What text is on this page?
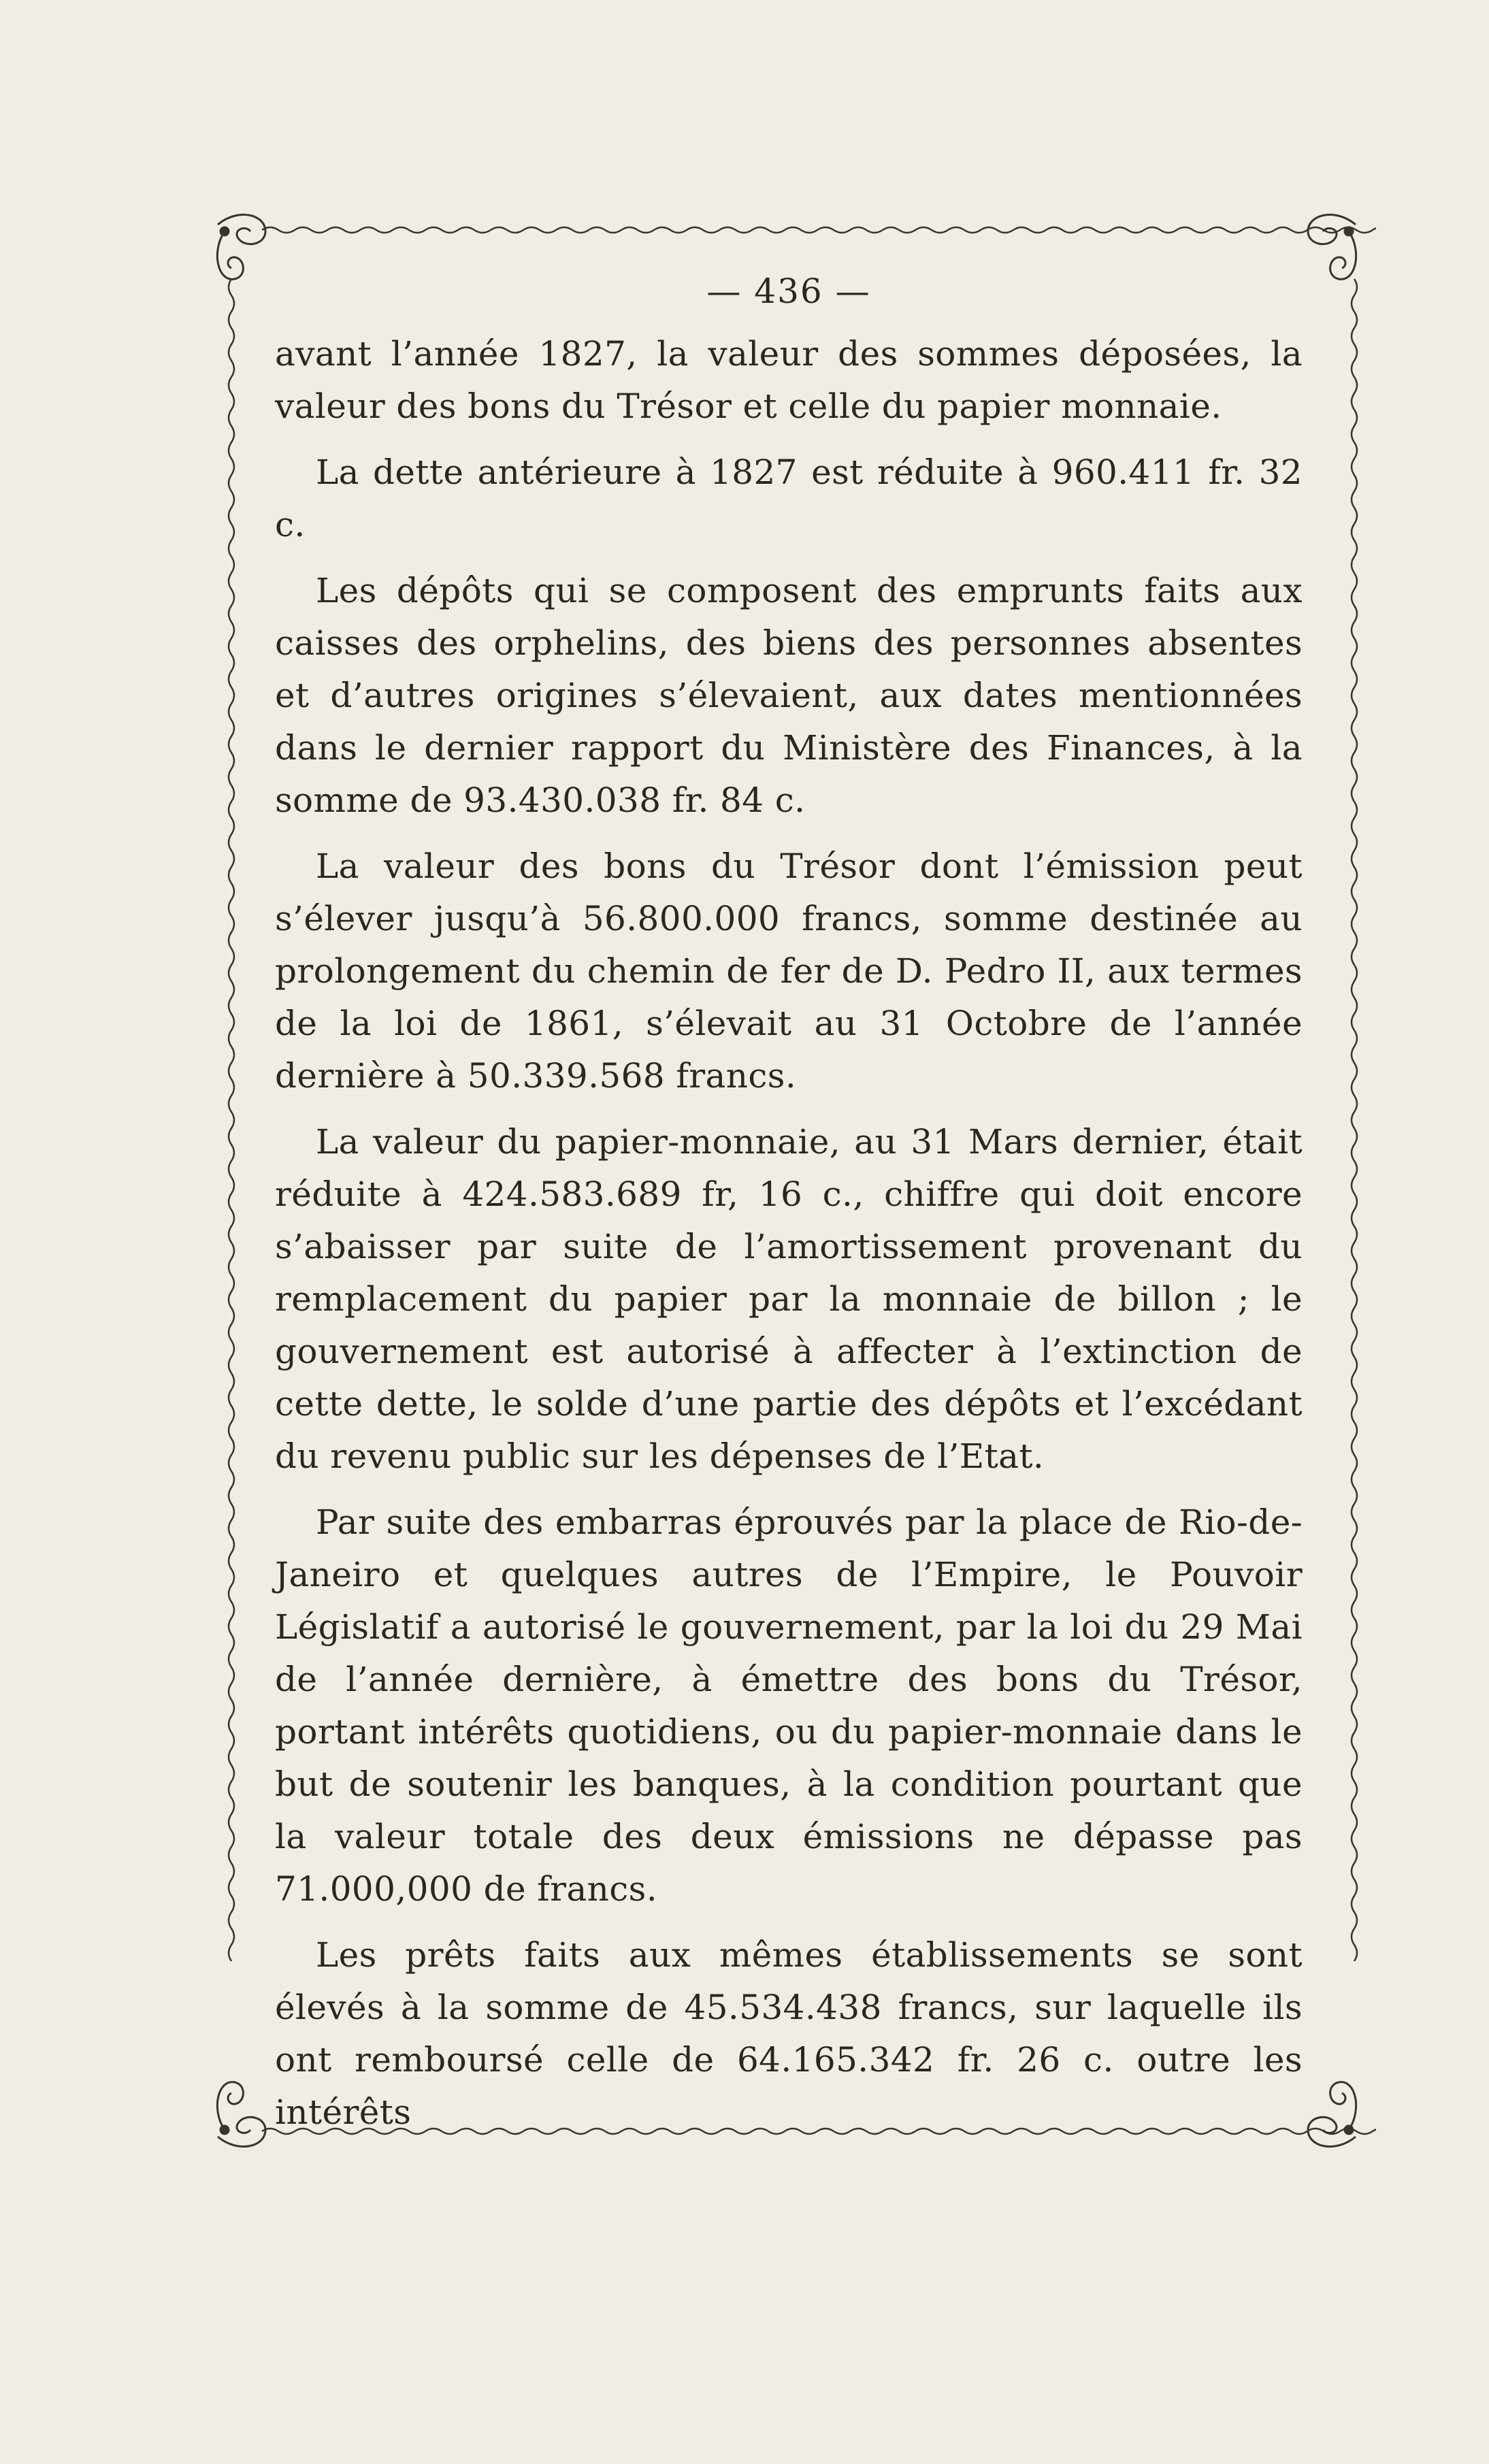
— 436 —

avant l’année 1827, la valeur des sommes déposées, la valeur des bons du Trésor et celle du papier monnaie.

La dette antérieure à 1827 est réduite à 960.411 fr. 32 c.

Les dépôts qui se composent des emprunts faits aux caisses des orphelins, des biens des personnes absentes et d’autres origines s’élevaient, aux dates mentionnées dans le dernier rapport du Ministère des Finances, à la somme de 93.430.038 fr. 84 c.

La valeur des bons du Trésor dont l’émission peut s’élever jusqu’à 56.800.000 francs, somme destinée au prolongement du chemin de fer de D. Pedro II, aux termes de la loi de 1861, s’élevait au 31 Octobre de l’année dernière à 50.339.568 francs.

La valeur du papier-monnaie, au 31 Mars dernier, était réduite à 424.583.689 fr, 16 c., chiffre qui doit encore s’abaisser par suite de l’amortissement provenant du remplacement du papier par la monnaie de billon ; le gouvernement est autorisé à affecter à l’extinction de cette dette, le solde d’une partie des dépôts et l’excédant du revenu public sur les dépenses de l’Etat.

Par suite des embarras éprouvés par la place de Rio-de-Janeiro et quelques autres de l’Empire, le Pouvoir Législatif a autorisé le gouvernement, par la loi du 29 Mai de l’année dernière, à émettre des bons du Trésor, portant intérêts quotidiens, ou du papier-monnaie dans le but de soutenir les banques, à la condition pourtant que la valeur totale des deux émissions ne dépasse pas 71.000,000 de francs.

Les prêts faits aux mêmes établissements se sont élevés à la somme de 45.534.438 francs, sur laquelle ils ont remboursé celle de 64.165.342 fr. 26 c. outre les intérêts
